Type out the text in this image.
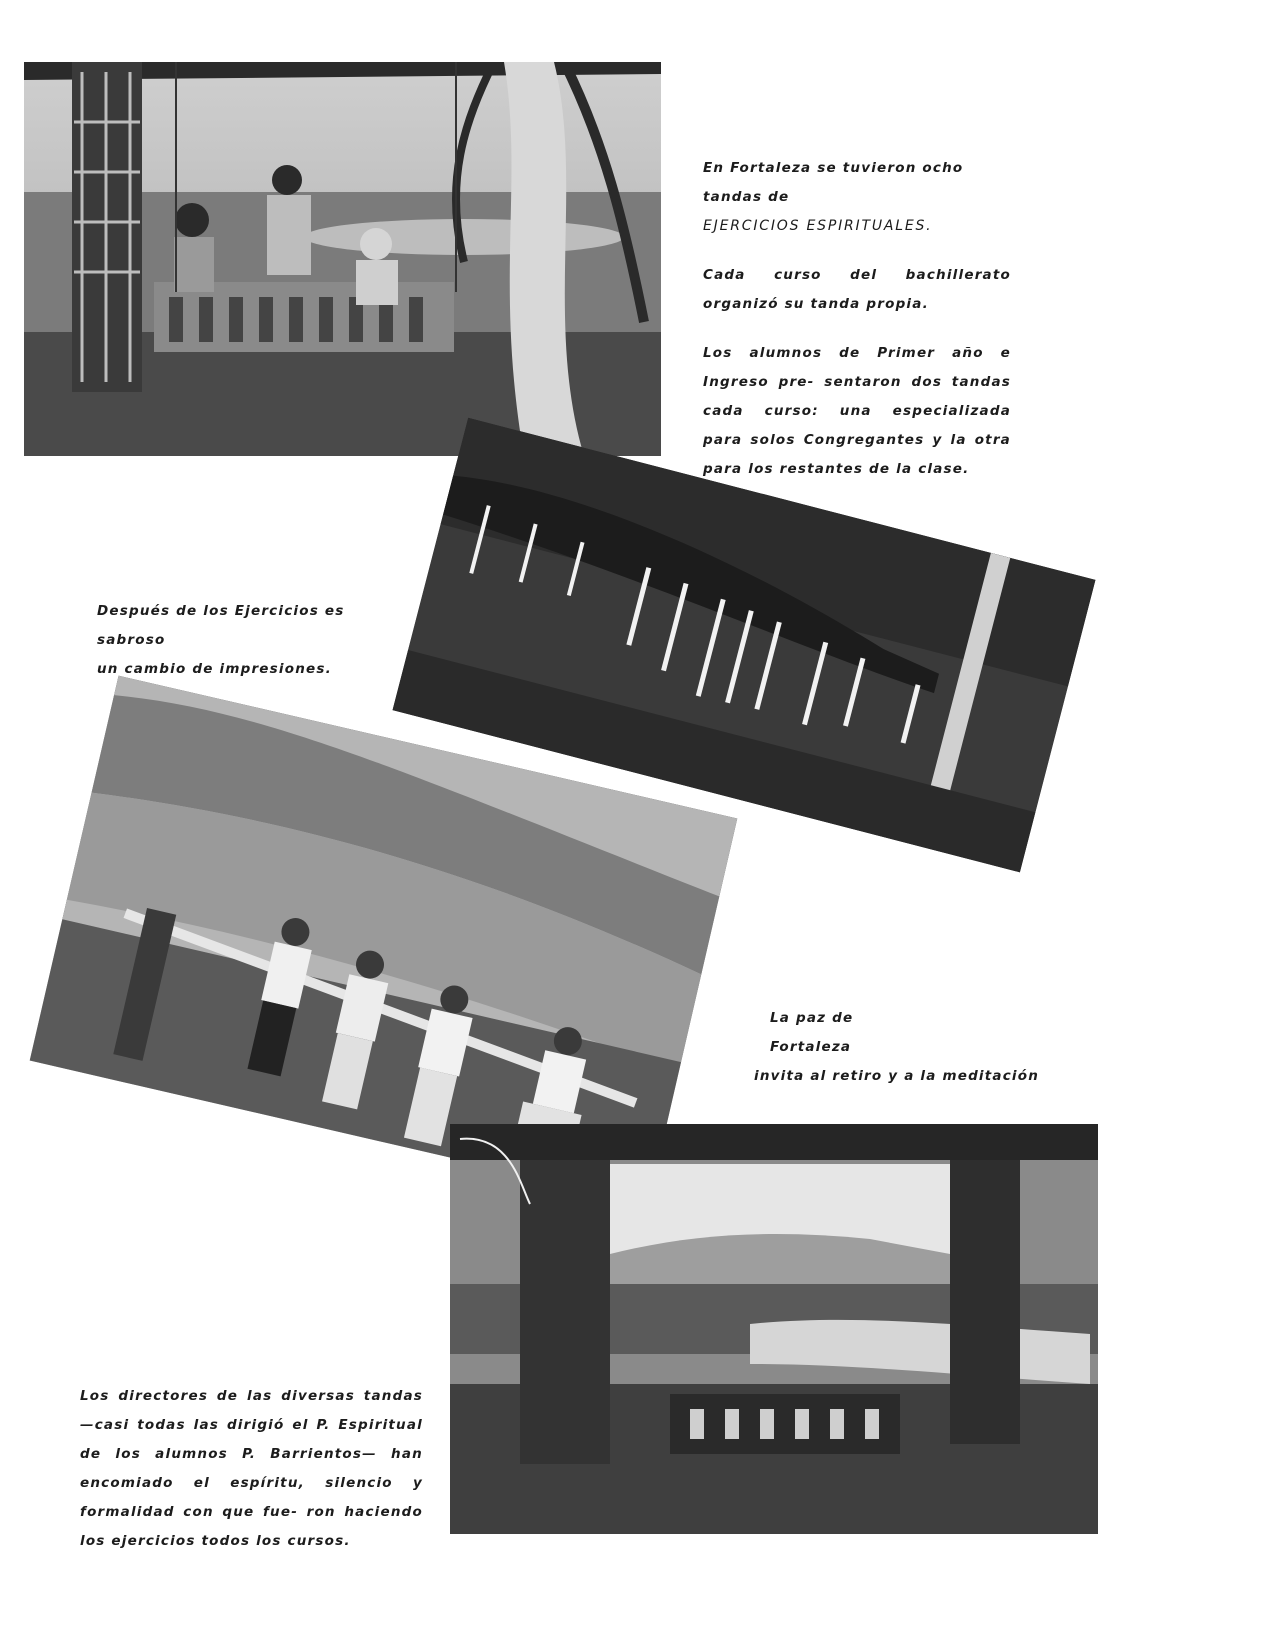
En Fortaleza se tuvieron ocho tandas de
EJERCICIOS ESPIRITUALES.

Cada curso del bachillerato organizó su tanda propia.

Los alumnos de Primer año e Ingreso pre- sentaron dos tandas cada curso: una especializada para solos Congregantes y la otra para los restantes de la clase.

Después de los Ejercicios es sabroso
un cambio de impresiones.
La paz de
Fortaleza
invita al retiro y a la meditación
Los directores de las diversas tandas —casi todas las dirigió el P. Espiritual de los alumnos P. Barrientos— han encomiado el espíritu, silencio y formalidad con que fue- ron haciendo los ejercicios todos los cursos.
